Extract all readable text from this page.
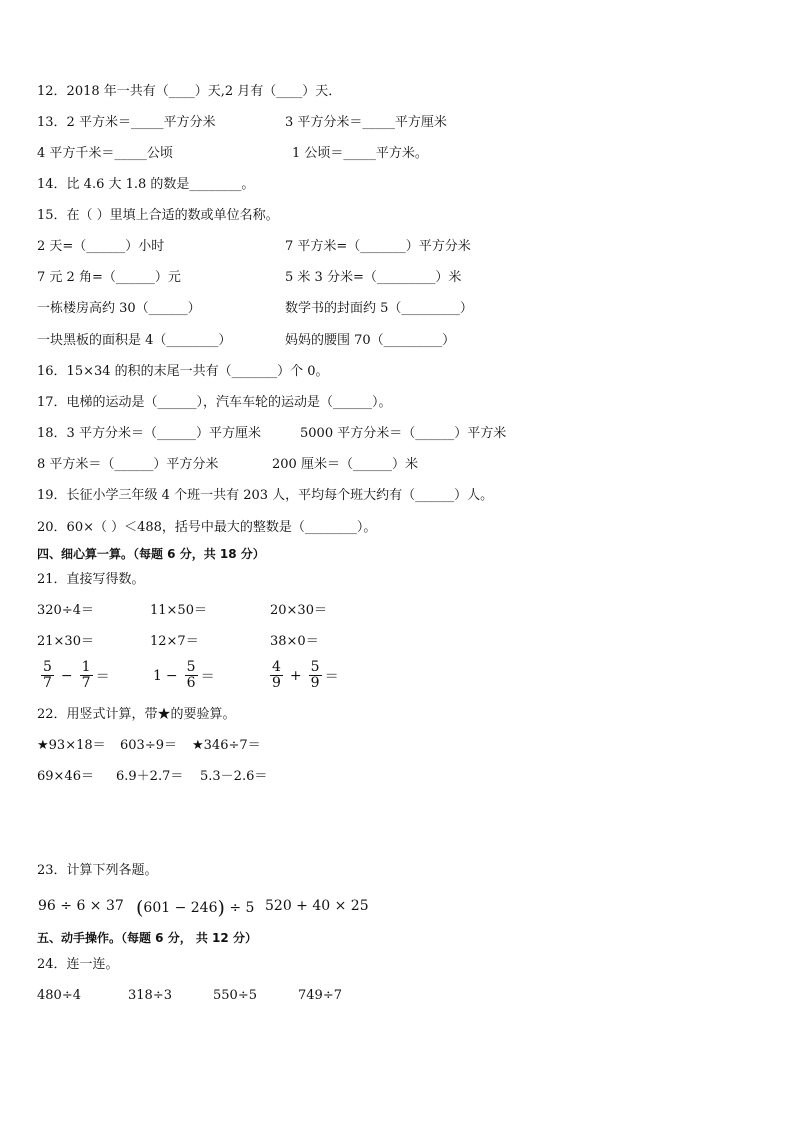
12．2018 年一共有（____）天,2 月有（____）天．
13．2 平方米＝_____平方分米	3 平方分米＝_____平方厘米
4 平方千米＝_____公顷	1 公顷＝_____平方米。
14．比 4.6 大 1.8 的数是________。
15．在（ ）里填上合适的数或单位名称。
2 天=（______）小时	7 平方米=（_______）平方分米
7 元 2 角=（______）元	5 米 3 分米=（_________）米
一栋楼房高约 30（______）	数学书的封面约 5（_________）
一块黑板的面积是 4（________）	妈妈的腰围 70（_________）
16．15×34 的积的末尾一共有（_______）个 0。
17．电梯的运动是（______），汽车车轮的运动是（______）。
18．3 平方分米＝（______）平方厘米	5000 平方分米＝（______）平方米
8 平方米＝（______）平方分米	200 厘米＝（______）米
19．长征小学三年级 4 个班一共有 203 人，平均每个班大约有（______）人。
20．60×（ ）＜488，括号中最大的整数是（________）。
四、细心算一算。（每题 6 分，共 18 分）
21．直接写得数。
320÷4＝	11×50＝	20×30＝
21×30＝	12×7＝	38×0＝
$\frac{5}{7} - \frac{1}{7}$ ＝	$1 - \frac{5}{6}$ ＝	$\frac{4}{9} + \frac{5}{9}$ ＝
22．用竖式计算，带★的要验算。
★93×18＝ 603÷9＝ ★346÷7＝
69×46＝ 6.9＋2.7＝ 5.3－2.6＝
23．计算下列各题。
96 ÷ 6 × 37 (601 − 246) ÷ 5 520 + 40 × 25
五、动手操作。（每题 6 分， 共 12 分）
24．连一连。
480÷4	318÷3	550÷5	749÷7
